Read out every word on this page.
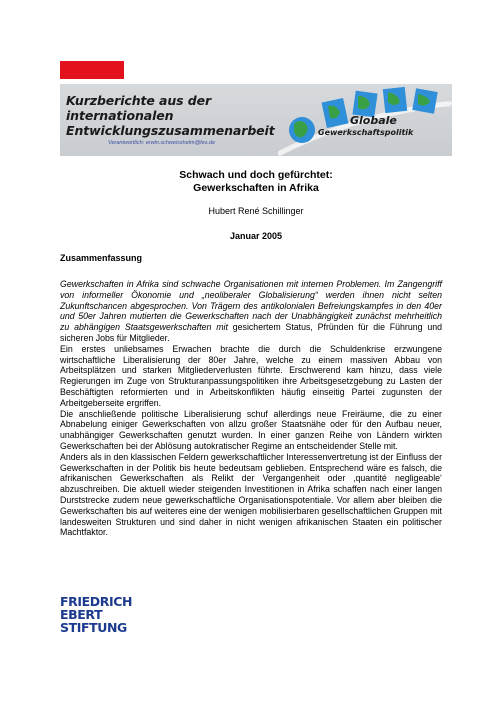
Kurzberichte aus der
internationalen
Entwicklungszusammenarbeit
Verantwortlich: erwin.schweisshelm@fes.de
Globale
Gewerkschaftspolitik
Schwach und doch gefürchtet:
Gewerkschaften in Afrika
Hubert René Schillinger
Januar 2005
Zusammenfassung

Gewerkschaften in Afrika sind schwache Organisationen mit internen Problemen. Im Zangengriff von informeller Ökonomie und „neoliberaler Globalisierung“ werden ihnen nicht selten Zukunftschancen abgesprochen. Von Trägern des antikolonialen Befreiungskampfes in den 40er und 50er Jahren mutierten die Gewerkschaften nach der Unabhängigkeit zunächst mehrheitlich zu abhängigen Staatsgewerkschaften mit gesichertem Status, Pfründen für die Führung und sicheren Jobs für Mitglieder.

Ein erstes unliebsames Erwachen brachte die durch die Schuldenkrise erzwungene wirtschaftliche Liberalisierung der 80er Jahre, welche zu einem massiven Abbau von Arbeitsplätzen und starken Mitgliederverlusten führte. Erschwerend kam hinzu, dass viele Regierungen im Zuge von Strukturanpassungspolitiken ihre Arbeitsgesetzgebung zu Lasten der Beschäftigten reformierten und in Arbeitskonflikten häufig einseitig Partei zugunsten der Arbeitgeberseite ergriffen.

Die anschließende politische Liberalisierung schuf allerdings neue Freiräume, die zu einer Abnabelung einiger Gewerkschaften von allzu großer Staatsnähe oder für den Aufbau neuer, unabhängiger Gewerkschaften genutzt wurden. In einer ganzen Reihe von Ländern wirkten Gewerkschaften bei der Ablösung autokratischer Regime an entscheidender Stelle mit.

Anders als in den klassischen Feldern gewerkschaftlicher Interessenvertretung ist der Einfluss der Gewerkschaften in der Politik bis heute bedeutsam geblieben. Entsprechend wäre es falsch, die afrikanischen Gewerkschaften als Relikt der Vergangenheit oder ‚quantité negligeable‘ abzuschreiben. Die aktuell wieder steigenden Investitionen in Afrika schaffen nach einer langen Durststrecke zudem neue gewerkschaftliche Organisationspotentiale. Vor allem aber bleiben die Gewerkschaften bis auf weiteres eine der wenigen mobilisierbaren gesellschaftlichen Gruppen mit landesweiten Strukturen und sind daher in nicht wenigen afrikanischen Staaten ein politischer Machtfaktor.

FRIEDRICH
EBERT
STIFTUNG
